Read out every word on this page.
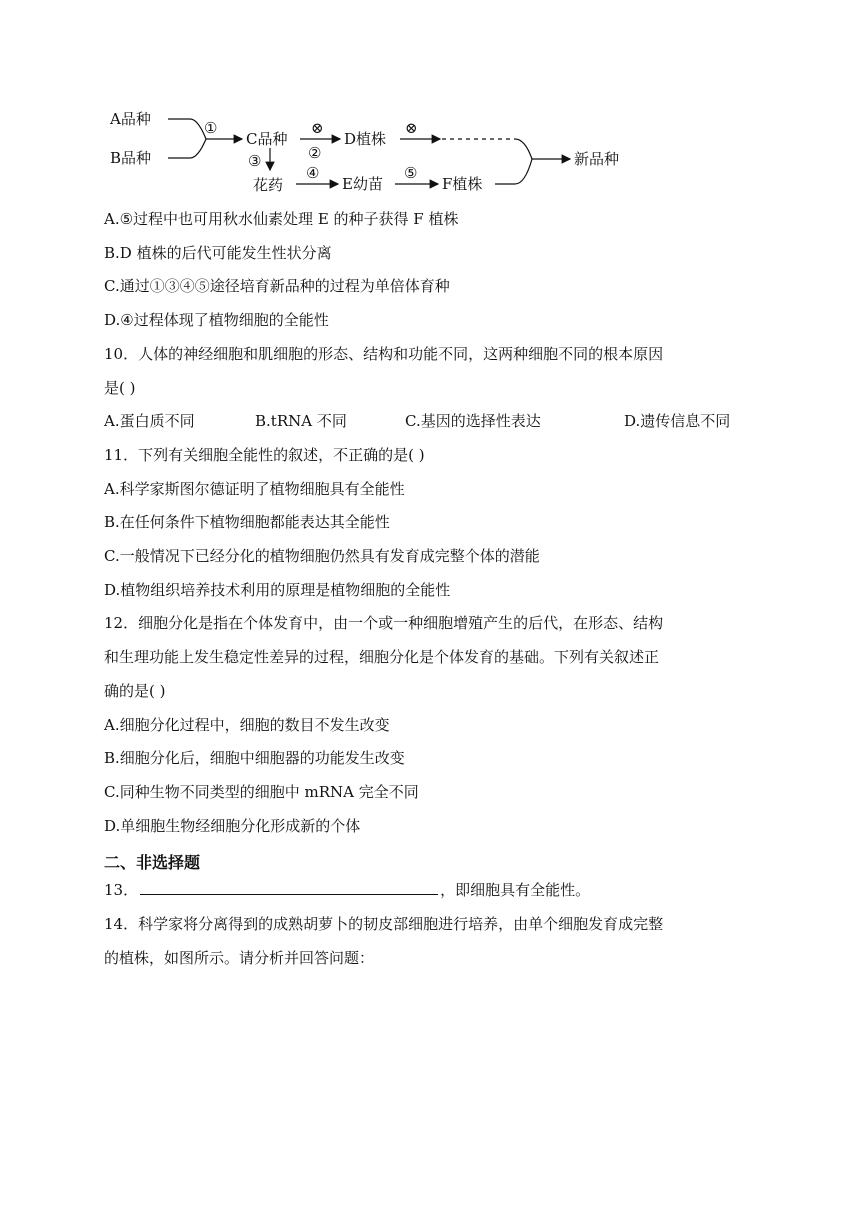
A品种
B品种
①
C品种
⊗
②
D植株
⊗
③
花药
④
E幼苗
⑤
F植株
新品种
A.⑤过程中也可用秋水仙素处理 E 的种子获得 F 植株
B.D 植株的后代可能发生性状分离
C.通过①③④⑤途径培育新品种的过程为单倍体育种
D.④过程体现了植物细胞的全能性
10．人体的神经细胞和肌细胞的形态、结构和功能不同，这两种细胞不同的根本原因
是( )
A.蛋白质不同	B.tRNA 不同	C.基因的选择性表达	D.遗传信息不同
11．下列有关细胞全能性的叙述，不正确的是( )
A.科学家斯图尔德证明了植物细胞具有全能性
B.在任何条件下植物细胞都能表达其全能性
C.一般情况下已经分化的植物细胞仍然具有发育成完整个体的潜能
D.植物组织培养技术利用的原理是植物细胞的全能性
12．细胞分化是指在个体发育中，由一个或一种细胞增殖产生的后代，在形态、结构
和生理功能上发生稳定性差异的过程，细胞分化是个体发育的基础。下列有关叙述正
确的是( )
A.细胞分化过程中，细胞的数目不发生改变
B.细胞分化后，细胞中细胞器的功能发生改变
C.同种生物不同类型的细胞中 mRNA 完全不同
D.单细胞生物经细胞分化形成新的个体
二、非选择题
13．	，即细胞具有全能性。
14．科学家将分离得到的成熟胡萝卜的韧皮部细胞进行培养，由单个细胞发育成完整
的植株，如图所示。请分析并回答问题：
